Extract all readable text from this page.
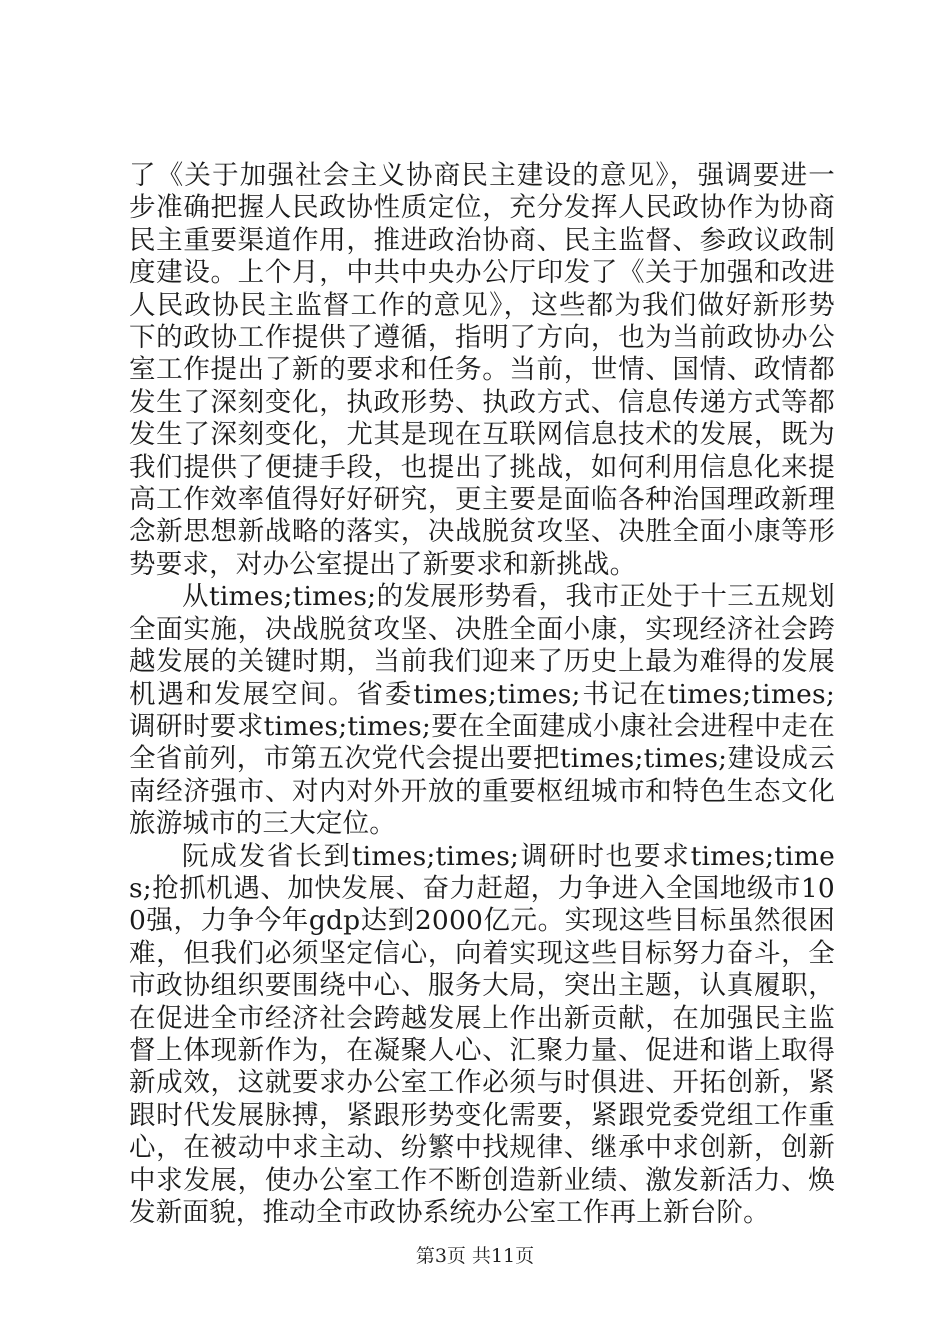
了《关于加强社会主义协商民主建设的意见》，强调要进一步准确把握人民政协性质定位，充分发挥人民政协作为协商民主重要渠道作用，推进政治协商、民主监督、参政议政制度建设。上个月，中共中央办公厅印发了《关于加强和改进人民政协民主监督工作的意见》，这些都为我们做好新形势下的政协工作提供了遵循，指明了方向，也为当前政协办公室工作提出了新的要求和任务。当前，世情、国情、政情都发生了深刻变化，执政形势、执政方式、信息传递方式等都发生了深刻变化，尤其是现在互联网信息技术的发展，既为我们提供了便捷手段，也提出了挑战，如何利用信息化来提高工作效率值得好好研究，更主要是面临各种治国理政新理念新思想新战略的落实，决战脱贫攻坚、决胜全面小康等形势要求，对办公室提出了新要求和新挑战。

从times;times;的发展形势看，我市正处于十三五规划全面实施，决战脱贫攻坚、决胜全面小康，实现经济社会跨越发展的关键时期，当前我们迎来了历史上最为难得的发展机遇和发展空间。省委times;times;书记在times;times;调研时要求times;times;要在全面建成小康社会进程中走在全省前列，市第五次党代会提出要把times;times;建设成云南经济强市、对内对外开放的重要枢纽城市和特色生态文化旅游城市的三大定位。

阮成发省长到times;times;调研时也要求times;times;抢抓机遇、加快发展、奋力赶超，力争进入全国地级市100强，力争今年gdp达到2000亿元。实现这些目标虽然很困难，但我们必须坚定信心，向着实现这些目标努力奋斗，全市政协组织要围绕中心、服务大局，突出主题，认真履职，在促进全市经济社会跨越发展上作出新贡献，在加强民主监督上体现新作为，在凝聚人心、汇聚力量、促进和谐上取得新成效，这就要求办公室工作必须与时俱进、开拓创新，紧跟时代发展脉搏，紧跟形势变化需要，紧跟党委党组工作重心，在被动中求主动、纷繁中找规律、继承中求创新，创新中求发展，使办公室工作不断创造新业绩、激发新活力、焕发新面貌，推动全市政协系统办公室工作再上新台阶。

第3页 共11页
